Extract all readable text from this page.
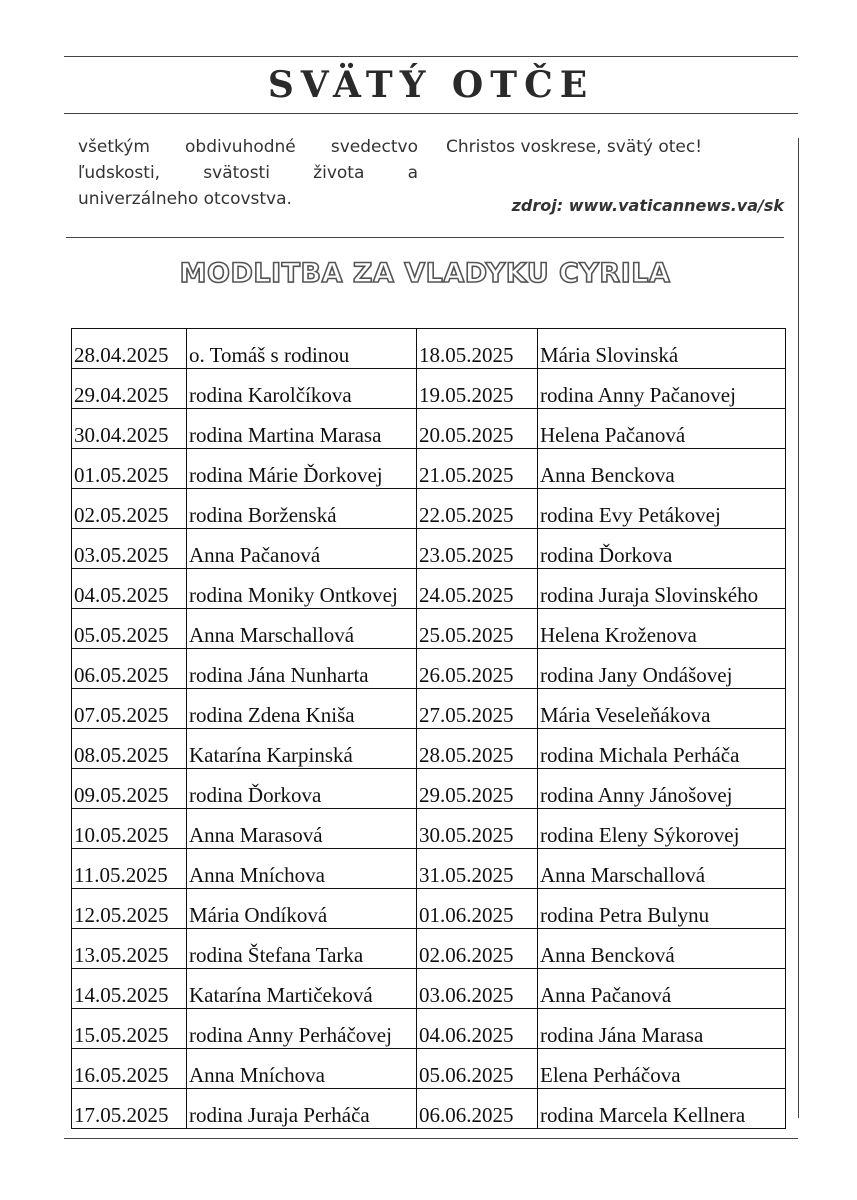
SVÄTÝ OTČE
všetkým obdivuhodné svedectvo ľudskosti, svätosti života a univerzálneho otcovstva.
Christos voskrese, svätý otec!
zdroj: www.vaticannews.va/sk
MODLITBA ZA VLADYKU CYRILA
28.04.2025	o. Tomáš s rodinou	18.05.2025	Mária Slovinská
29.04.2025	rodina Karolčíkova	19.05.2025	rodina Anny Pačanovej
30.04.2025	rodina Martina Marasa	20.05.2025	Helena Pačanová
01.05.2025	rodina Márie Ďorkovej	21.05.2025	Anna Benckova
02.05.2025	rodina Borženská	22.05.2025	rodina Evy Petákovej
03.05.2025	Anna Pačanová	23.05.2025	rodina Ďorkova
04.05.2025	rodina Moniky Ontkovej	24.05.2025	rodina Juraja Slovinského
05.05.2025	Anna Marschallová	25.05.2025	Helena Kroženova
06.05.2025	rodina Jána Nunharta	26.05.2025	rodina Jany Ondášovej
07.05.2025	rodina Zdena Kniša	27.05.2025	Mária Veseleňákova
08.05.2025	Katarína Karpinská	28.05.2025	rodina Michala Perháča
09.05.2025	rodina Ďorkova	29.05.2025	rodina Anny Jánošovej
10.05.2025	Anna Marasová	30.05.2025	rodina Eleny Sýkorovej
11.05.2025	Anna Mníchova	31.05.2025	Anna Marschallová
12.05.2025	Mária Ondíková	01.06.2025	rodina Petra Bulynu
13.05.2025	rodina Štefana Tarka	02.06.2025	Anna Bencková
14.05.2025	Katarína Martičeková	03.06.2025	Anna Pačanová
15.05.2025	rodina Anny Perháčovej	04.06.2025	rodina Jána Marasa
16.05.2025	Anna Mníchova	05.06.2025	Elena Perháčova
17.05.2025	rodina Juraja Perháča	06.06.2025	rodina Marcela Kellnera
